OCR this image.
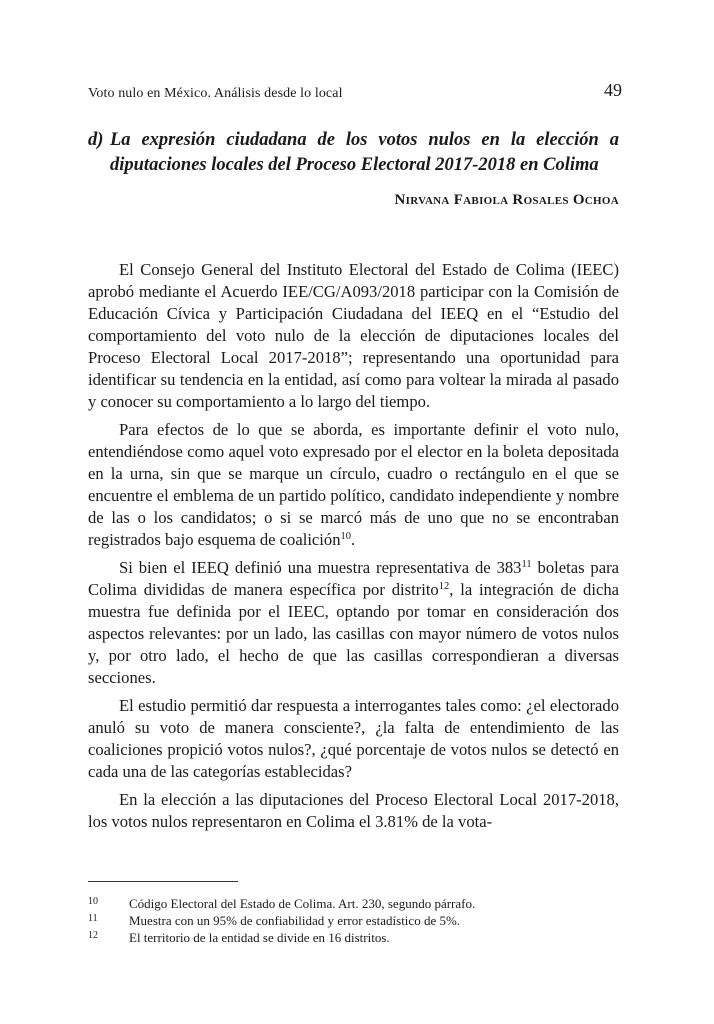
Voto nulo en México. Análisis desde lo local	49
d) La expresión ciudadana de los votos nulos en la elección a diputaciones locales del Proceso Electoral 2017-2018 en Colima
Nirvana Fabiola Rosales Ochoa

El Consejo General del Instituto Electoral del Estado de Colima (IEEC) aprobó mediante el Acuerdo IEE/CG/A093/2018 participar con la Comisión de Educación Cívica y Participación Ciudadana del IEEQ en el “Estudio del comportamiento del voto nulo de la elección de diputaciones locales del Proceso Electoral Local 2017-2018”; representando una oportunidad para identificar su tendencia en la entidad, así como para voltear la mirada al pasado y conocer su comportamiento a lo largo del tiempo.

Para efectos de lo que se aborda, es importante definir el voto nulo, entendiéndose como aquel voto expresado por el elector en la boleta depositada en la urna, sin que se marque un círculo, cuadro o rectángulo en el que se encuentre el emblema de un partido político, candidato independiente y nombre de las o los candidatos; o si se marcó más de uno que no se encontraban registrados bajo esquema de coalición$^{10}$.

Si bien el IEEQ definió una muestra representativa de $383^{11}$ boletas para Colima divididas de manera específica por distrito$^{12}$, la integración de dicha muestra fue definida por el IEEC, optando por tomar en consideración dos aspectos relevantes: por un lado, las casillas con mayor número de votos nulos y, por otro lado, el hecho de que las casillas correspondieran a diversas secciones.

El estudio permitió dar respuesta a interrogantes tales como: ¿el electorado anuló su voto de manera consciente?, ¿la falta de entendimiento de las coaliciones propició votos nulos?, ¿qué porcentaje de votos nulos se detectó en cada una de las categorías establecidas?

En la elección a las diputaciones del Proceso Electoral Local 2017-2018, los votos nulos representaron en Colima el 3.81% de la vota-

10	Código Electoral del Estado de Colima. Art. 230, segundo párrafo.
11	Muestra con un 95% de confiabilidad y error estadístico de 5%.
12	El territorio de la entidad se divide en 16 distritos.
